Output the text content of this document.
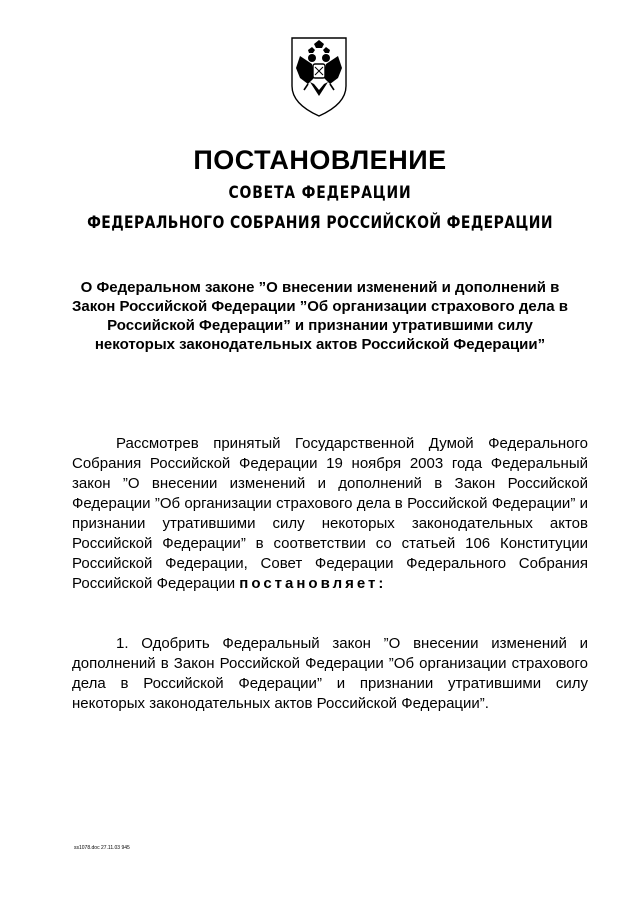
ПОСТАНОВЛЕНИЕ
СОВЕТА ФЕДЕРАЦИИ
ФЕДЕРАЛЬНОГО СОБРАНИЯ РОССИЙСКОЙ ФЕДЕРАЦИИ
О Федеральном законе ”О внесении изменений и дополнений в Закон Российской Федерации ”Об организации страхового дела в Российской Федерации” и признании утратившими силу некоторых законодательных актов Российской Федерации”
Рассмотрев принятый Государственной Думой Федерального Собрания Российской Федерации 19 ноября 2003 года Федеральный закон ”О внесении изменений и дополнений в Закон Российской Федерации ”Об организации страхового дела в Российской Федерации” и признании утратившими силу некоторых законодательных актов Российской Федерации” в соответствии со статьей 106 Конституции Российской Федерации, Совет Федерации Федерального Собрания Российской Федерации постановляет:
1. Одобрить Федеральный закон ”О внесении изменений и дополнений в Закон Российской Федерации ”Об организации страхового дела в Российской Федерации” и признании утратившими силу некоторых законодательных актов Российской Федерации”.
ss1078.doc 27.11.03 945
